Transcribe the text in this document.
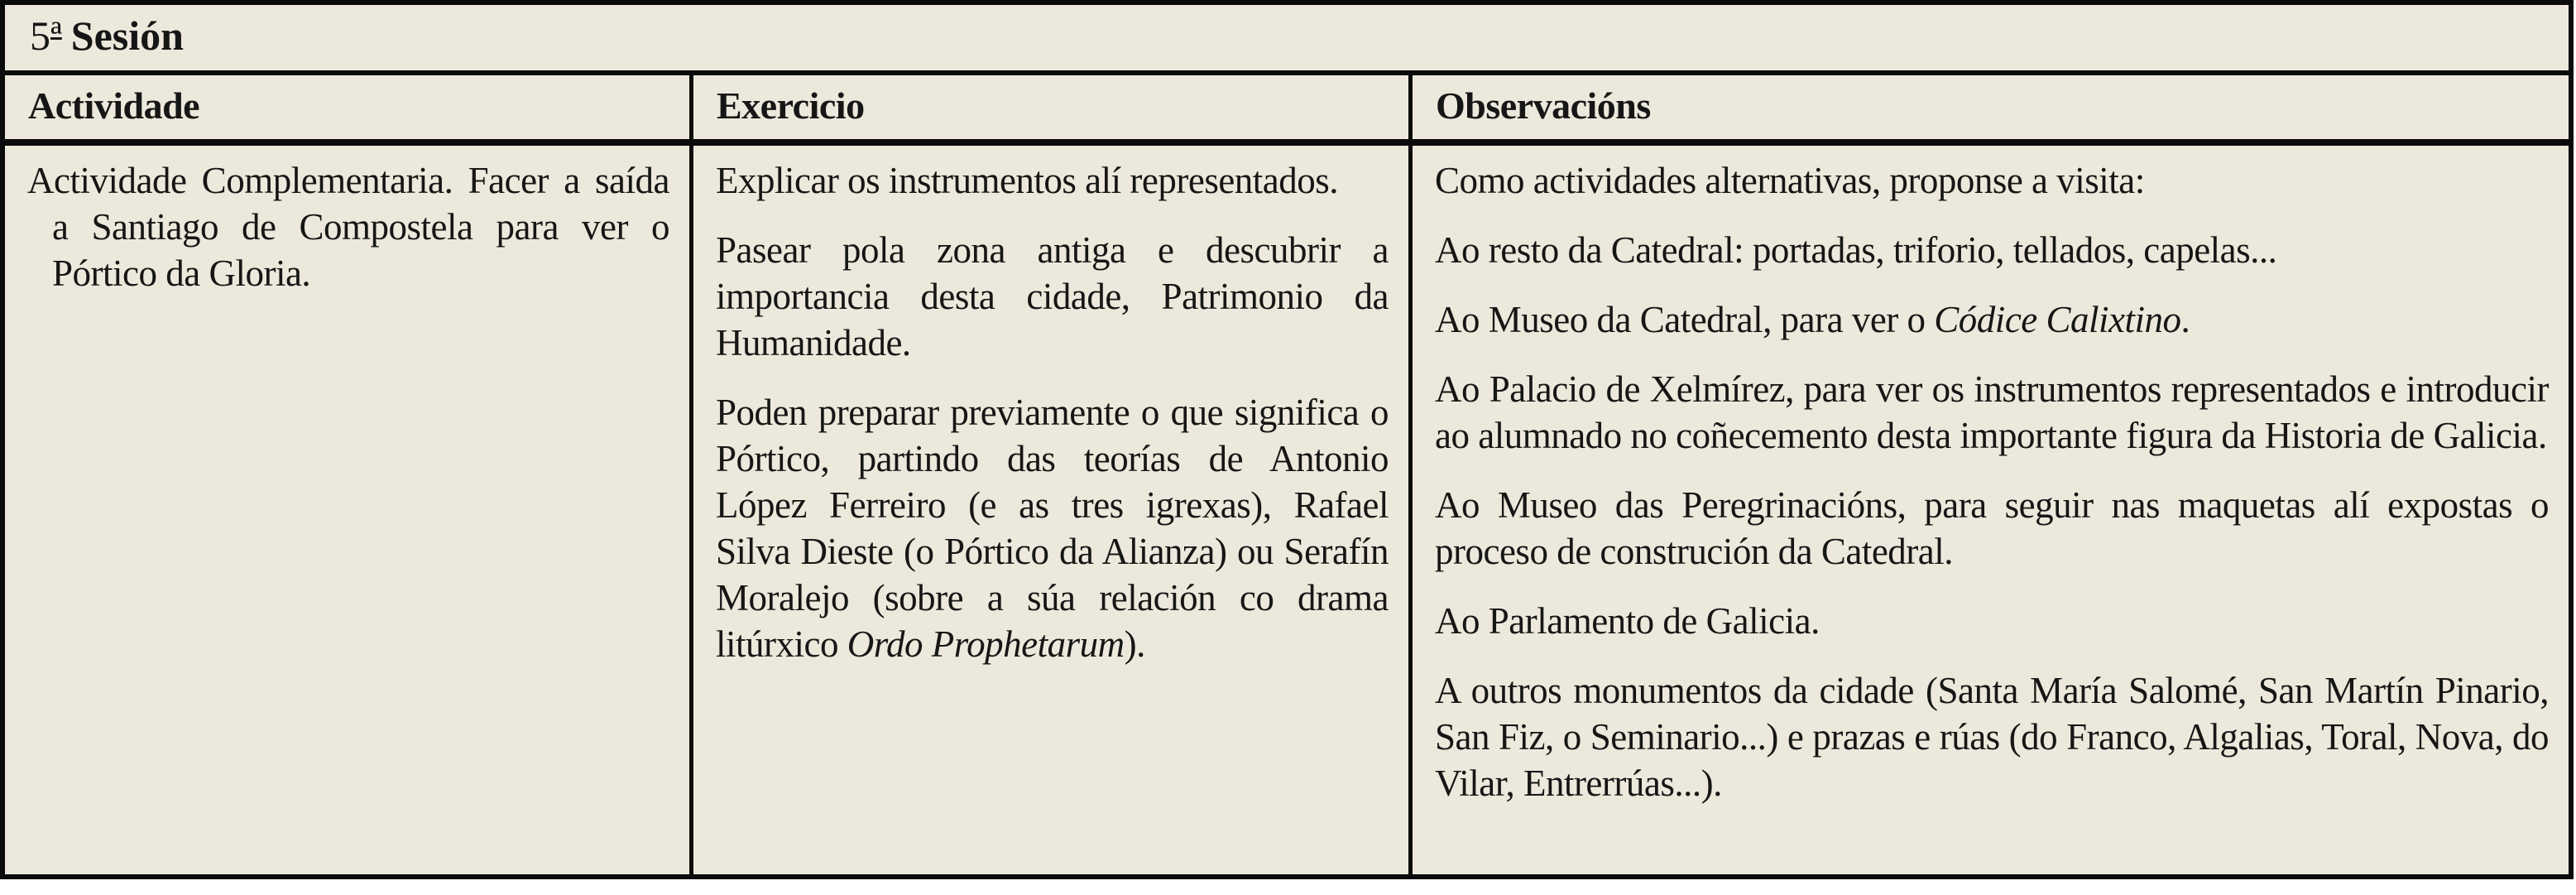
5ª Sesión
Actividade	Exercicio	Observacións

Actividade Complementaria. Facer a saída a Santiago de Compostela para ver o Pórtico da Gloria.

Explicar os instrumentos alí representados.

Pasear pola zona antiga e descubrir a importancia desta cidade, Patrimonio da Humanidade.

Poden preparar previamente o que significa o Pórtico, partindo das teorías de Antonio López Ferreiro (e as tres igrexas), Rafael Silva Dieste (o Pórtico da Alianza) ou Serafín Moralejo (sobre a súa relación co drama litúrxico Ordo Prophetarum).

Como actividades alternativas, proponse a visita:

Ao resto da Catedral: portadas, triforio, tellados, capelas...

Ao Museo da Catedral, para ver o Códice Calixtino.

Ao Palacio de Xelmírez, para ver os instrumentos representados e introducir ao alumnado no coñecemento desta importante figura da Historia de Galicia.

Ao Museo das Peregrinacións, para seguir nas maquetas alí expostas o proceso de construción da Catedral.

Ao Parlamento de Galicia.

A outros monumentos da cidade (Santa María Salomé, San Martín Pinario, San Fiz, o Seminario...) e prazas e rúas (do Franco, Algalias, Toral, Nova, do Vilar, Entrerrúas...).
